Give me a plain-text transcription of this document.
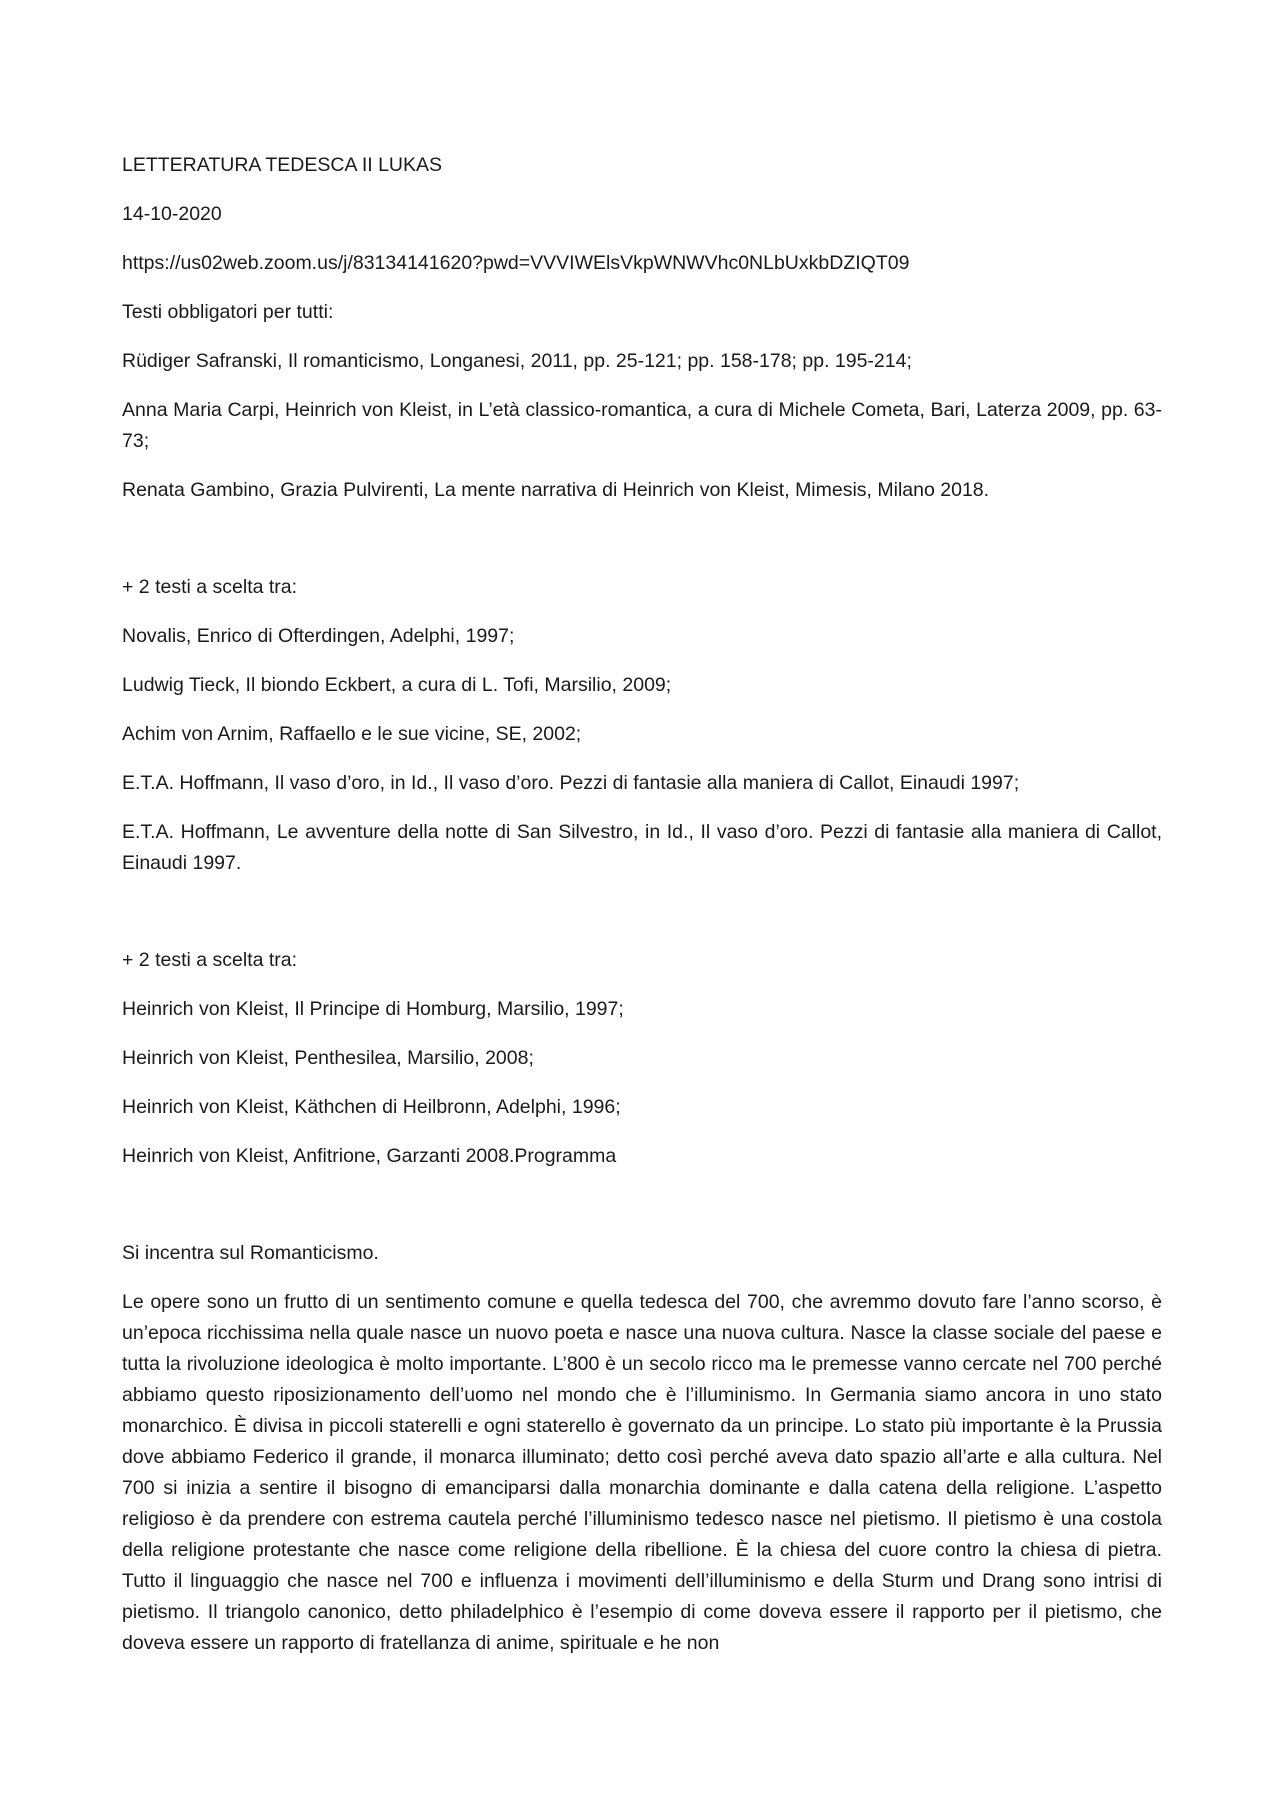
LETTERATURA TEDESCA II LUKAS

14-10-2020

https://us02web.zoom.us/j/83134141620?pwd=VVVIWElsVkpWNWVhc0NLbUxkbDZIQT09

Testi obbligatori per tutti:

Rüdiger Safranski, Il romanticismo, Longanesi, 2011, pp. 25-121; pp. 158-178; pp. 195-214;

Anna Maria Carpi, Heinrich von Kleist, in L’età classico-romantica, a cura di Michele Cometa, Bari, Laterza 2009, pp. 63-73;

Renata Gambino, Grazia Pulvirenti, La mente narrativa di Heinrich von Kleist, Mimesis, Milano 2018.

+ 2 testi a scelta tra:

Novalis, Enrico di Ofterdingen, Adelphi, 1997;

Ludwig Tieck, Il biondo Eckbert, a cura di L. Tofi, Marsilio, 2009;

Achim von Arnim, Raffaello e le sue vicine, SE, 2002;

E.T.A. Hoffmann, Il vaso d’oro, in Id., Il vaso d’oro. Pezzi di fantasie alla maniera di Callot, Einaudi 1997;

E.T.A. Hoffmann, Le avventure della notte di San Silvestro, in Id., Il vaso d’oro. Pezzi di fantasie alla maniera di Callot, Einaudi 1997.

+ 2 testi a scelta tra:

Heinrich von Kleist, Il Principe di Homburg, Marsilio, 1997;

Heinrich von Kleist, Penthesilea, Marsilio, 2008;

Heinrich von Kleist, Käthchen di Heilbronn, Adelphi, 1996;

Heinrich von Kleist, Anfitrione, Garzanti 2008.Programma

Si incentra sul Romanticismo.

Le opere sono un frutto di un sentimento comune e quella tedesca del 700, che avremmo dovuto fare l’anno scorso, è un’epoca ricchissima nella quale nasce un nuovo poeta e nasce una nuova cultura. Nasce la classe sociale del paese e tutta la rivoluzione ideologica è molto importante. L’800 è un secolo ricco ma le premesse vanno cercate nel 700 perché abbiamo questo riposizionamento dell’uomo nel mondo che è l’illuminismo. In Germania siamo ancora in uno stato monarchico. È divisa in piccoli staterelli e ogni staterello è governato da un principe. Lo stato più importante è la Prussia dove abbiamo Federico il grande, il monarca illuminato; detto così perché aveva dato spazio all’arte e alla cultura. Nel 700 si inizia a sentire il bisogno di emanciparsi dalla monarchia dominante e dalla catena della religione. L’aspetto religioso è da prendere con estrema cautela perché l’illuminismo tedesco nasce nel pietismo. Il pietismo è una costola della religione protestante che nasce come religione della ribellione. È la chiesa del cuore contro la chiesa di pietra. Tutto il linguaggio che nasce nel 700 e influenza i movimenti dell’illuminismo e della Sturm und Drang sono intrisi di pietismo. Il triangolo canonico, detto philadelphico è l’esempio di come doveva essere il rapporto per il pietismo, che doveva essere un rapporto di fratellanza di anime, spirituale e he non
